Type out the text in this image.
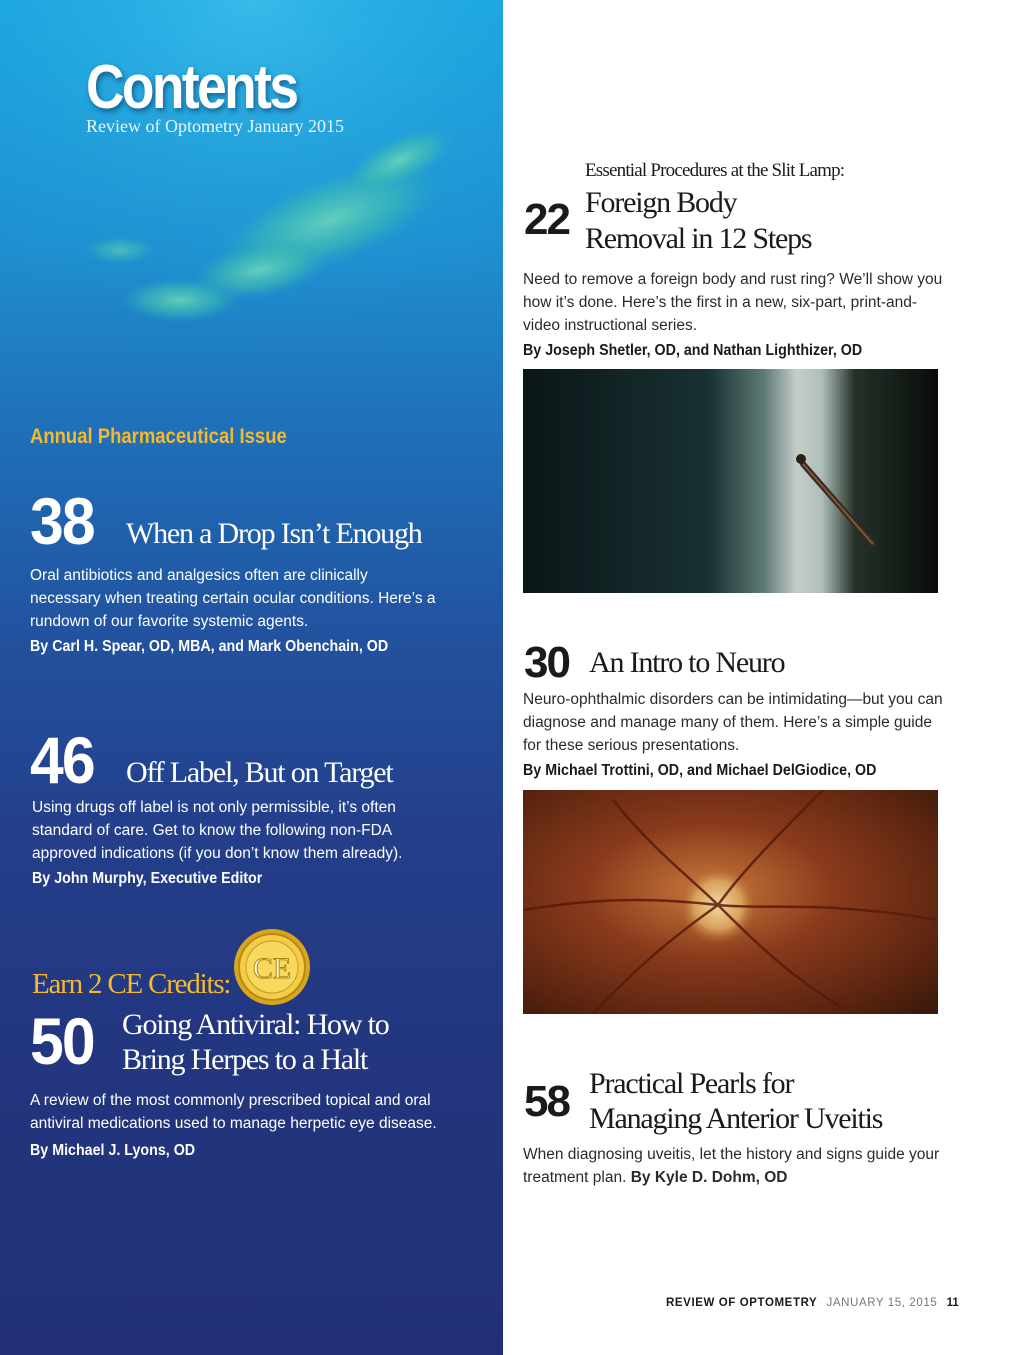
Contents
Review of Optometry January 2015
Annual Pharmaceutical Issue
38 When a Drop Isn’t Enough
Oral antibiotics and analgesics often are clinically necessary when treating certain ocular conditions. Here’s a rundown of our favorite systemic agents.
By Carl H. Spear, OD, MBA, and Mark Obenchain, OD
46 Off Label, But on Target
Using drugs off label is not only permissible, it’s often standard of care. Get to know the following non-FDA approved indications (if you don’t know them already).
By John Murphy, Executive Editor
Earn 2 CE Credits: CE
50 Going Antiviral: How to
Bring Herpes to a Halt
A review of the most commonly prescribed topical and oral antiviral medications used to manage herpetic eye disease.
By Michael J. Lyons, OD
Essential Procedures at the Slit Lamp:
22 Foreign Body
Removal in 12 Steps
Need to remove a foreign body and rust ring? We’ll show you how it’s done. Here’s the first in a new, six-part, print-and-video instructional series.
By Joseph Shetler, OD, and Nathan Lighthizer, OD
30 An Intro to Neuro
Neuro-ophthalmic disorders can be intimidating—but you can diagnose and manage many of them. Here’s a simple guide for these serious presentations.
By Michael Trottini, OD, and Michael DelGiodice, OD
58 Practical Pearls for
Managing Anterior Uveitis
When diagnosing uveitis, let the history and signs guide your treatment plan. By Kyle D. Dohm, OD
REVIEW OF OPTOMETRY JANUARY 15, 2015 11
